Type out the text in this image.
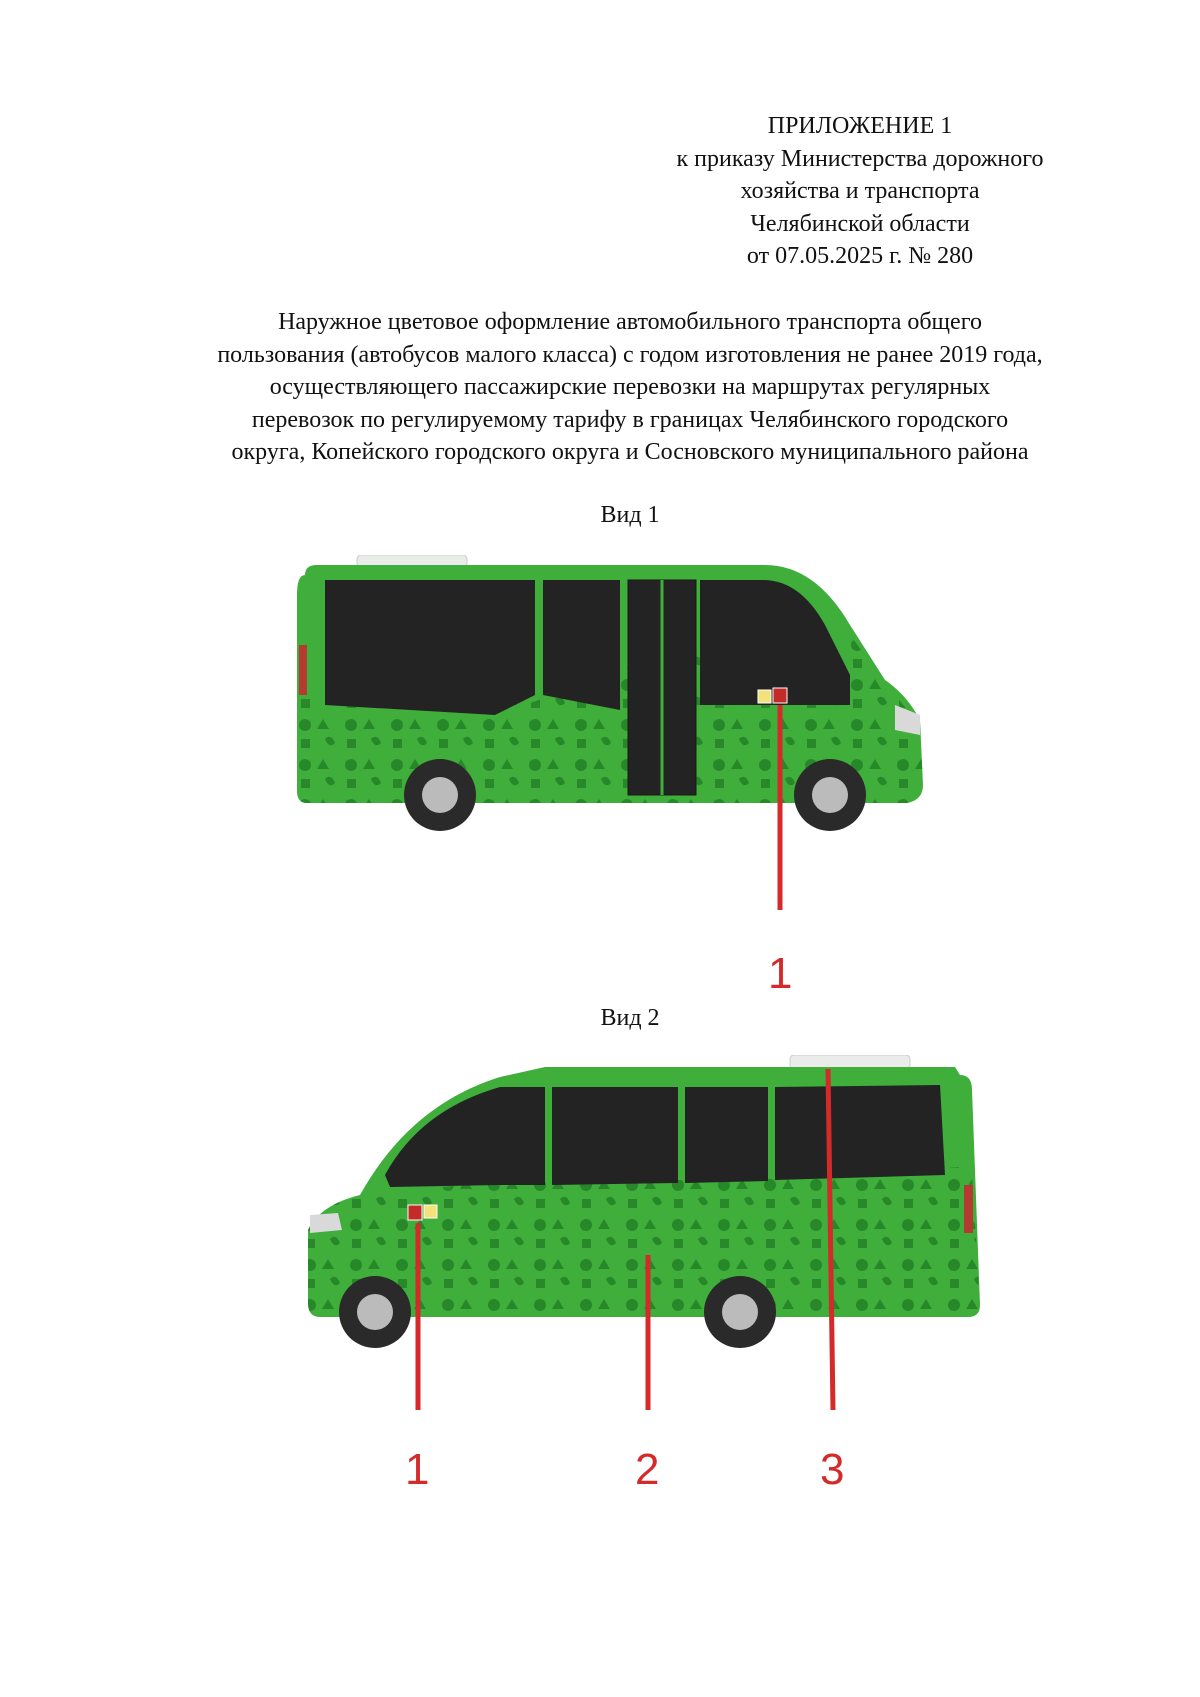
ПРИЛОЖЕНИЕ 1
к приказу Министерства дорожного
хозяйства и транспорта
Челябинской области
от 07.05.2025 г. № 280
Наружное цветовое оформление автомобильного транспорта общего
пользования (автобусов малого класса) с годом изготовления не ранее 2019 года,
осуществляющего пассажирские перевозки на маршрутах регулярных
перевозок по регулируемому тарифу в границах Челябинского городского
округа, Копейского городского округа и Сосновского муниципального района
Вид 1
1
Вид 2
1	2	3
